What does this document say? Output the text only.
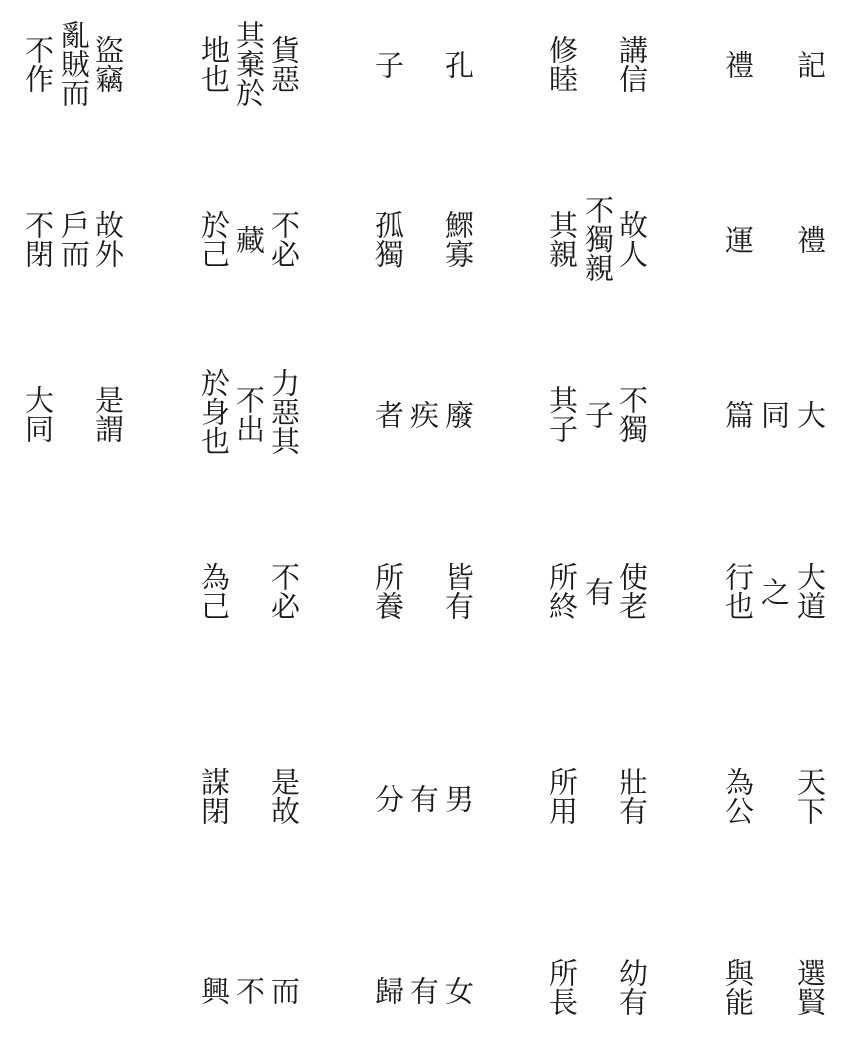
記
禮
講信
修睦
孔
子
貨惡
其棄於
地也
盜竊
亂賊而
不作
禮
運
故人
不獨親
其親
鰥寡
孤獨
不必
藏
於己
故外
戶而
不閉
大
同
篇
不獨
子
其子
廢
疾
者
力惡其
不出
於身也
是謂
大同
大道
之
行也
使老
有
所終
皆有
所養
不必
為己
天下
為公
壯有
所用
男
有
分
是故
謀閉
選賢
與能
幼有
所長
女
有
歸
而
不
興
